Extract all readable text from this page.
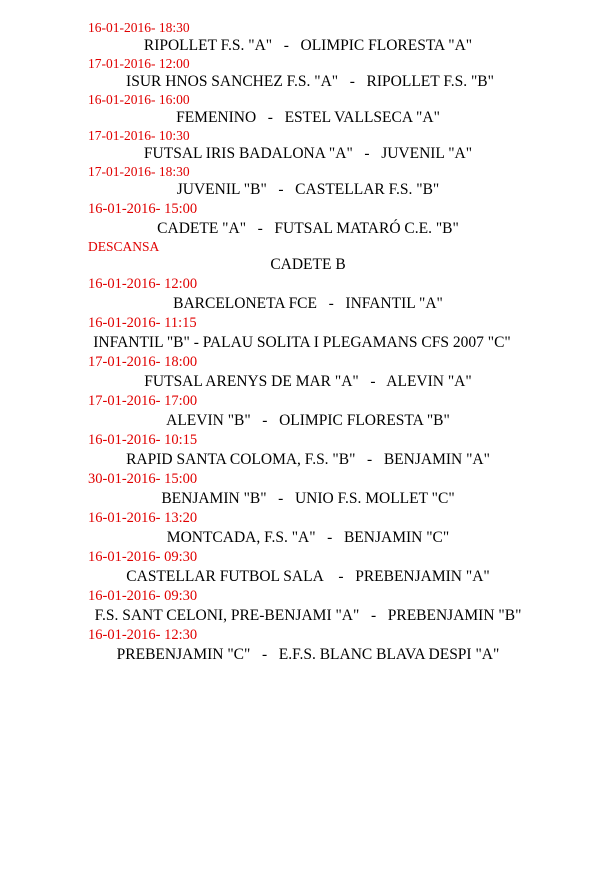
16-01-2016- 18:30
RIPOLLET F.S. "A"   -   OLIMPIC FLORESTA "A"
17-01-2016- 12:00
ISUR HNOS SANCHEZ F.S. "A"   -   RIPOLLET F.S. "B"
16-01-2016- 16:00
FEMENINO   -   ESTEL VALLSECA "A"
17-01-2016- 10:30
FUTSAL IRIS BADALONA "A"   -   JUVENIL "A"
17-01-2016- 18:30
JUVENIL "B"   -   CASTELLAR F.S. "B"
16-01-2016- 15:00
CADETE "A"   -   FUTSAL MATARÓ C.E. "B"
DESCANSA
CADETE B
16-01-2016- 12:00
BARCELONETA FCE   -   INFANTIL "A"
16-01-2016- 11:15
INFANTIL "B" - PALAU SOLITA I PLEGAMANS CFS 2007 "C"
17-01-2016- 18:00
FUTSAL ARENYS DE MAR "A"   -   ALEVIN "A"
17-01-2016- 17:00
ALEVIN "B"   -   OLIMPIC FLORESTA "B"
16-01-2016- 10:15
RAPID SANTA COLOMA, F.S. "B"   -   BENJAMIN "A"
30-01-2016- 15:00
BENJAMIN "B"   -   UNIO F.S. MOLLET "C"
16-01-2016- 13:20
MONTCADA, F.S. "A"   -   BENJAMIN "C"
16-01-2016- 09:30
CASTELLAR FUTBOL SALA    -   PREBENJAMIN "A"
16-01-2016- 09:30
F.S. SANT CELONI, PRE-BENJAMI "A"   -   PREBENJAMIN "B"
16-01-2016- 12:30
PREBENJAMIN "C"   -   E.F.S. BLANC BLAVA DESPI "A"
